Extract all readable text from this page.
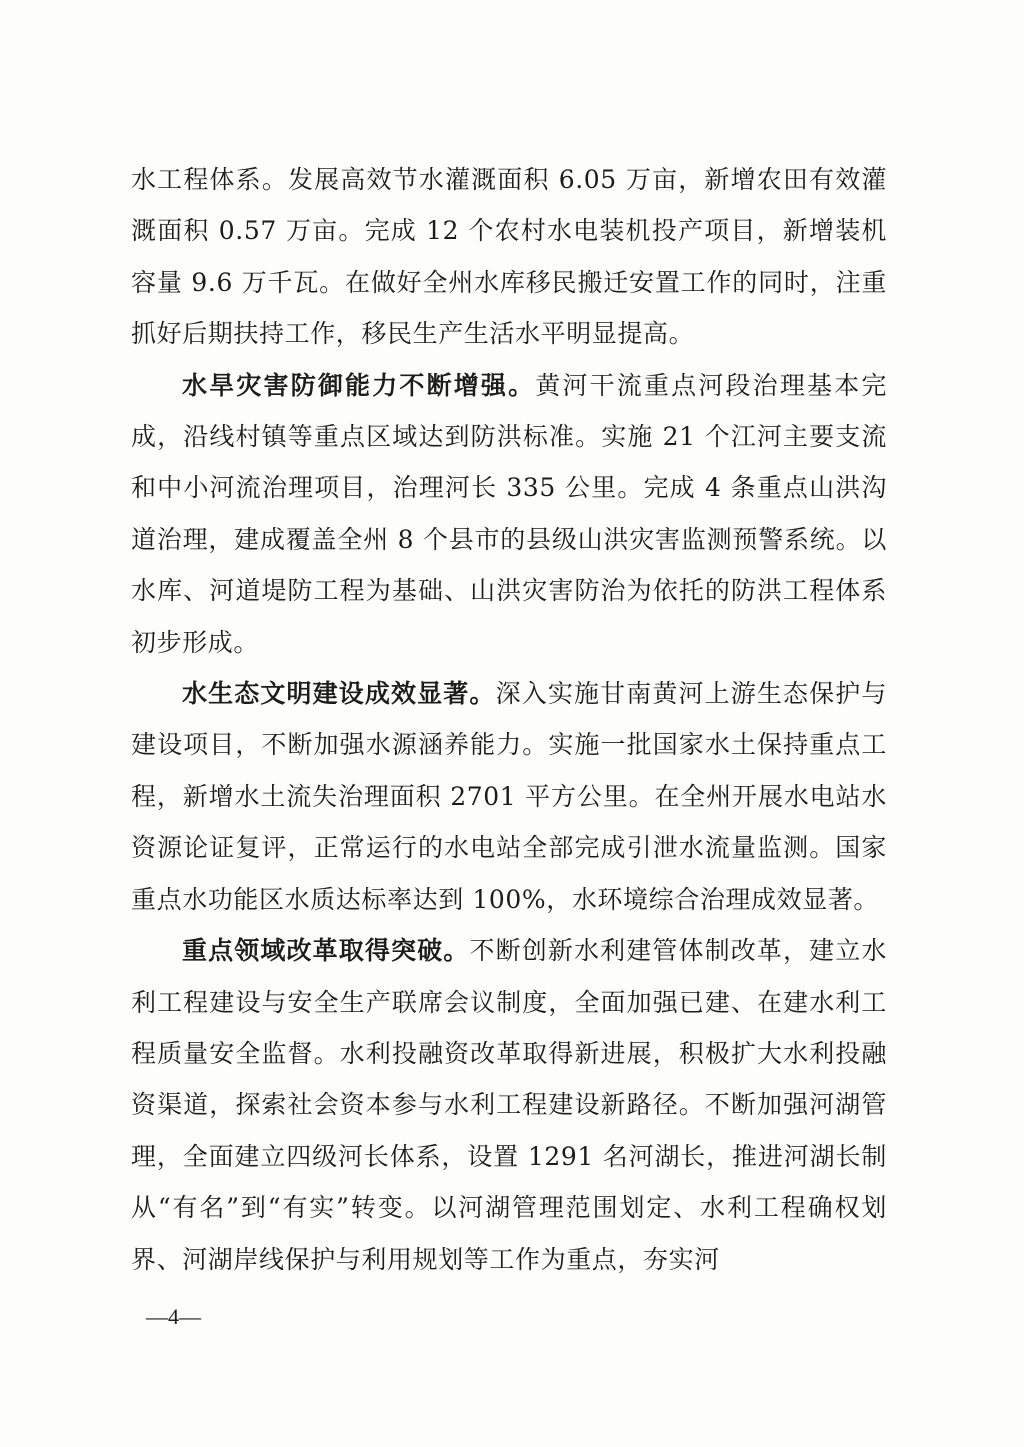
水工程体系。发展高效节水灌溉面积 6.05 万亩，新增农田有效灌溉面积 0.57 万亩。完成 12 个农村水电装机投产项目，新增装机容量 9.6 万千瓦。在做好全州水库移民搬迁安置工作的同时，注重抓好后期扶持工作，移民生产生活水平明显提高。

水旱灾害防御能力不断增强。黄河干流重点河段治理基本完成，沿线村镇等重点区域达到防洪标准。实施 21 个江河主要支流和中小河流治理项目，治理河长 335 公里。完成 4 条重点山洪沟道治理，建成覆盖全州 8 个县市的县级山洪灾害监测预警系统。以水库、河道堤防工程为基础、山洪灾害防治为依托的防洪工程体系初步形成。

水生态文明建设成效显著。深入实施甘南黄河上游生态保护与建设项目，不断加强水源涵养能力。实施一批国家水土保持重点工程，新增水土流失治理面积 2701 平方公里。在全州开展水电站水资源论证复评，正常运行的水电站全部完成引泄水流量监测。国家重点水功能区水质达标率达到 100%，水环境综合治理成效显著。

重点领域改革取得突破。不断创新水利建管体制改革，建立水利工程建设与安全生产联席会议制度，全面加强已建、在建水利工程质量安全监督。水利投融资改革取得新进展，积极扩大水利投融资渠道，探索社会资本参与水利工程建设新路径。不断加强河湖管理，全面建立四级河长体系，设置 1291 名河湖长，推进河湖长制从“有名”到“有实”转变。以河湖管理范围划定、水利工程确权划界、河湖岸线保护与利用规划等工作为重点，夯实河

—4—
